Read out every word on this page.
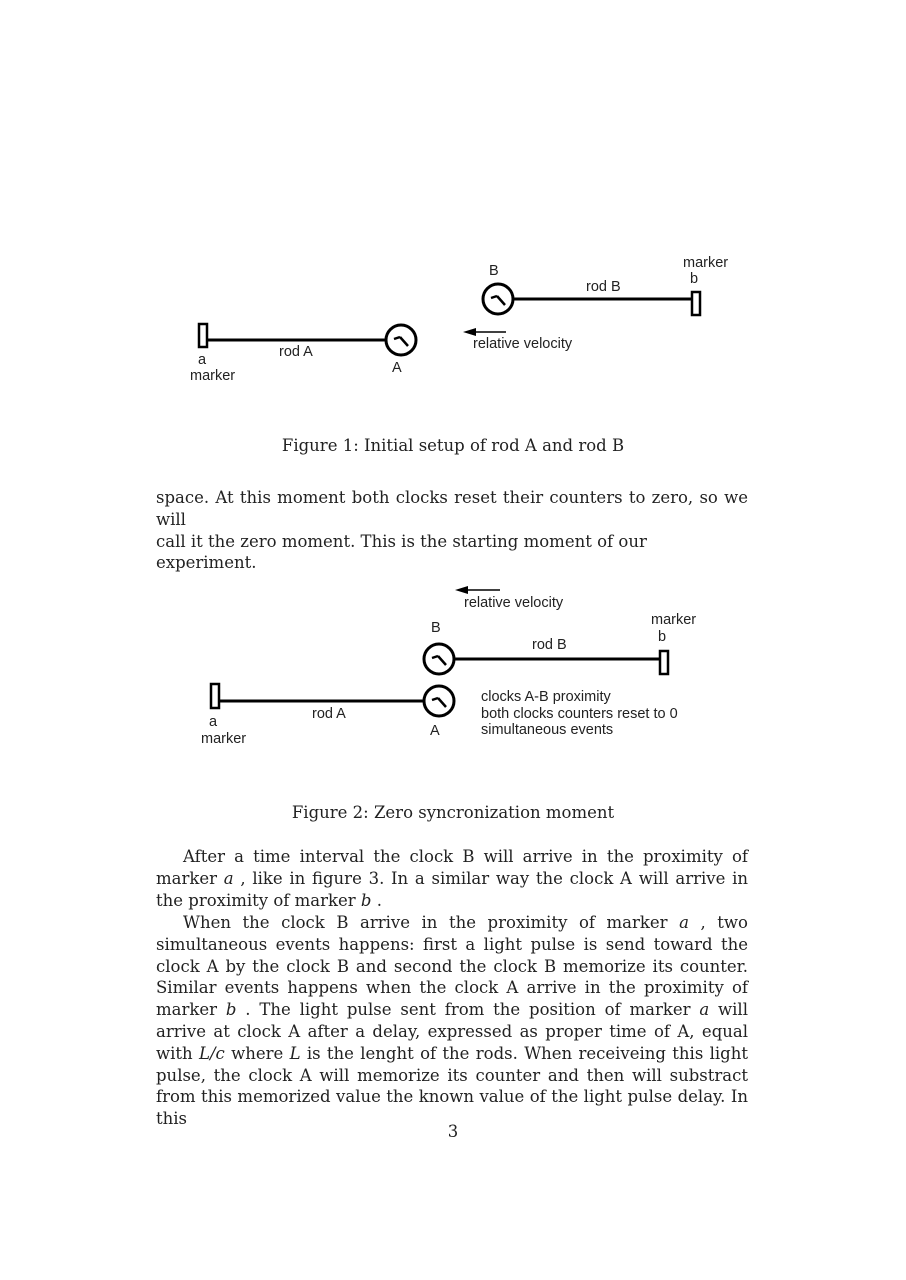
B	marker
b
rod B
relative velocity
a
marker
rod A
A
Figure 1: Initial setup of rod A and rod B
space. At this moment both clocks reset their counters to zero, so we will
call it the zero moment. This is the starting moment of our experiment.
relative velocity
marker
b
B
rod B
a
marker
rod A
A
clocks A-B proximity
both clocks counters reset to 0
simultaneous events
Figure 2: Zero syncronization moment

After a time interval the clock B will arrive in the proximity of marker a , like in figure 3. In a similar way the clock A will arrive in the proximity of marker b .

When the clock B arrive in the proximity of marker a , two simultaneous events happens: first a light pulse is send toward the clock A by the clock B and second the clock B memorize its counter. Similar events happens when the clock A arrive in the proximity of marker b . The light pulse sent from the position of marker a will arrive at clock A after a delay, expressed as proper time of A, equal with L/c where L is the lenght of the rods. When receiveing this light pulse, the clock A will memorize its counter and then will substract from this memorized value the known value of the light pulse delay. In this

3
